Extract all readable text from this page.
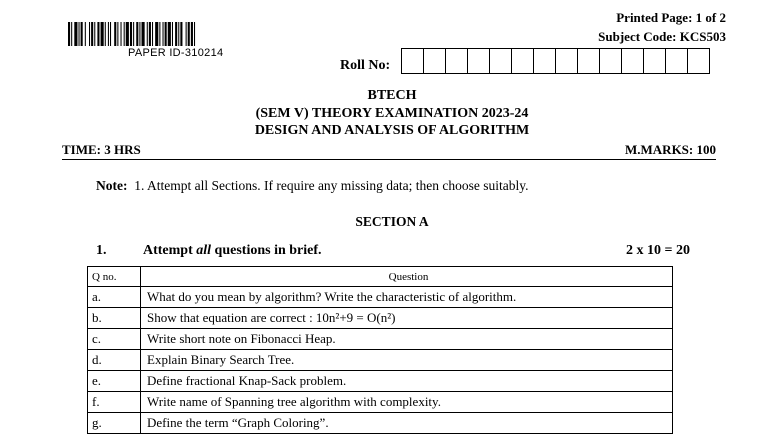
PAPER ID-310214
Printed Page: 1 of 2
Subject Code: KCS503
Roll No:
BTECH
(SEM V) THEORY EXAMINATION 2023-24
DESIGN AND ANALYSIS OF ALGORITHM
TIME: 3 HRS	M.MARKS: 100
Note: 1. Attempt all Sections. If require any missing data; then choose suitably.
SECTION A
1.	Attempt all questions in brief.	2 x 10 = 20
Q no.	Question
a.	What do you mean by algorithm? Write the characteristic of algorithm.
b.	Show that equation are correct : 10n²+9 = O(n²)
c.	Write short note on Fibonacci Heap.
d.	Explain Binary Search Tree.
e.	Define fractional Knap-Sack problem.
f.	Write name of Spanning tree algorithm with complexity.
g.	Define the term “Graph Coloring”.
